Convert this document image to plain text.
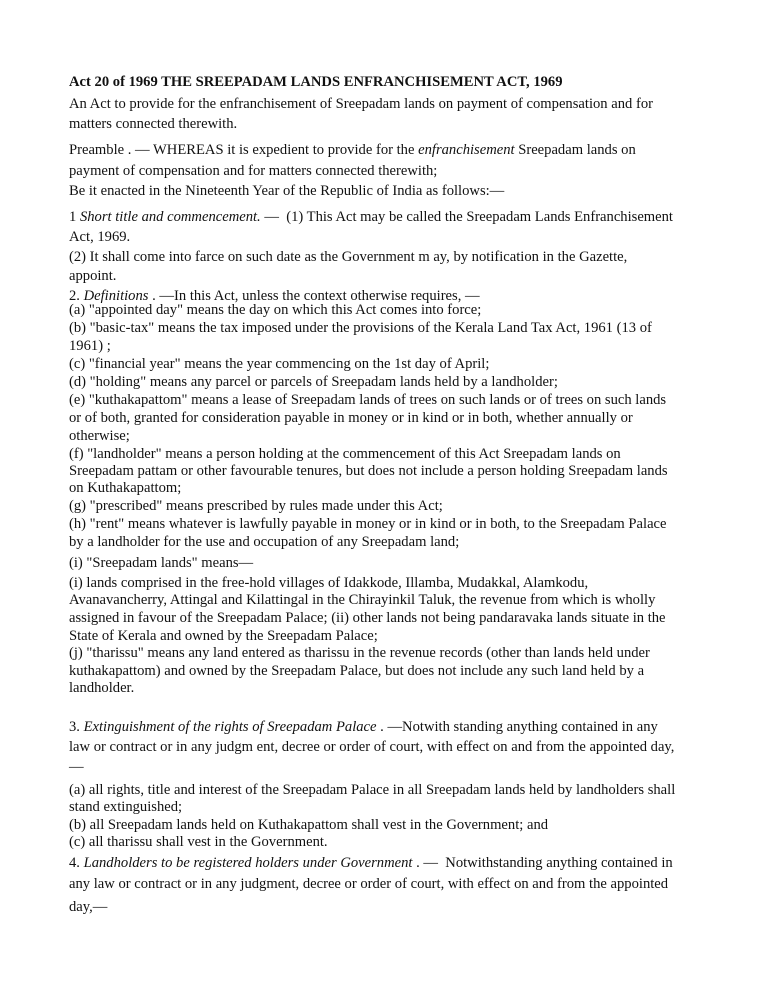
Act 20 of 1969 THE SREEPADAM LANDS ENFRANCHISEMENT ACT, 1969
An Act to provide for the enfranchisement of Sreepadam lands on payment of compensation and for
matters connected therewith.
Preamble . — WHEREAS it is expedient to provide for the enfranchisement Sreepadam lands on
payment of compensation and for matters connected therewith;
Be it enacted in the Nineteenth Year of the Republic of India as follows:—
1 Short title and commencement. —  (1) This Act may be called the Sreepadam Lands Enfranchisement
Act, 1969.
(2) It shall come into farce on such date as the Government m ay, by notification in the Gazette,
appoint.
2. Definitions . —In this Act, unless the context otherwise requires, —
(a) "appointed day" means the day on which this Act comes into force;
(b) "basic-tax" means the tax imposed under the provisions of the Kerala Land Tax Act, 1961 (13 of
1961) ;
(c) "financial year" means the year commencing on the 1st day of April;
(d) "holding" means any parcel or parcels of Sreepadam lands held by a landholder;
(e) "kuthakapattom" means a lease of Sreepadam lands of trees on such lands or of trees on such lands
or of both, granted for consideration payable in money or in kind or in both, whether annually or
otherwise;
(f) "landholder" means a person holding at the commencement of this Act Sreepadam lands on
Sreepadam pattam or other favourable tenures, but does not include a person holding Sreepadam lands
on Kuthakapattom;
(g) "prescribed" means prescribed by rules made under this Act;
(h) "rent" means whatever is lawfully payable in money or in kind or in both, to the Sreepadam Palace
by a landholder for the use and occupation of any Sreepadam land;
(i) "Sreepadam lands" means—
(i) lands comprised in the free-hold villages of Idakkode, Illamba, Mudakkal, Alamkodu,
Avanavancherry, Attingal and Kilattingal in the Chirayinkil Taluk, the revenue from which is wholly
assigned in favour of the Sreepadam Palace; (ii) other lands not being pandaravaka lands situate in the
State of Kerala and owned by the Sreepadam Palace;
(j) "tharissu" means any land entered as tharissu in the revenue records (other than lands held under
kuthakapattom) and owned by the Sreepadam Palace, but does not include any such land held by a
landholder.
3. Extinguishment of the rights of Sreepadam Palace . —Notwith standing anything contained in any
law or contract or in any judgm ent, decree or order of court, with effect on and from the appointed day,
—
(a) all rights, title and interest of the Sreepadam Palace in all Sreepadam lands held by landholders shall
stand extinguished;
(b) all Sreepadam lands held on Kuthakapattom shall vest in the Government; and
(c) all tharissu shall vest in the Government.
4. Landholders to be registered holders under Government . —  Notwithstanding anything contained in
any law or contract or in any judgment, decree or order of court, with effect on and from the appointed
day,—
